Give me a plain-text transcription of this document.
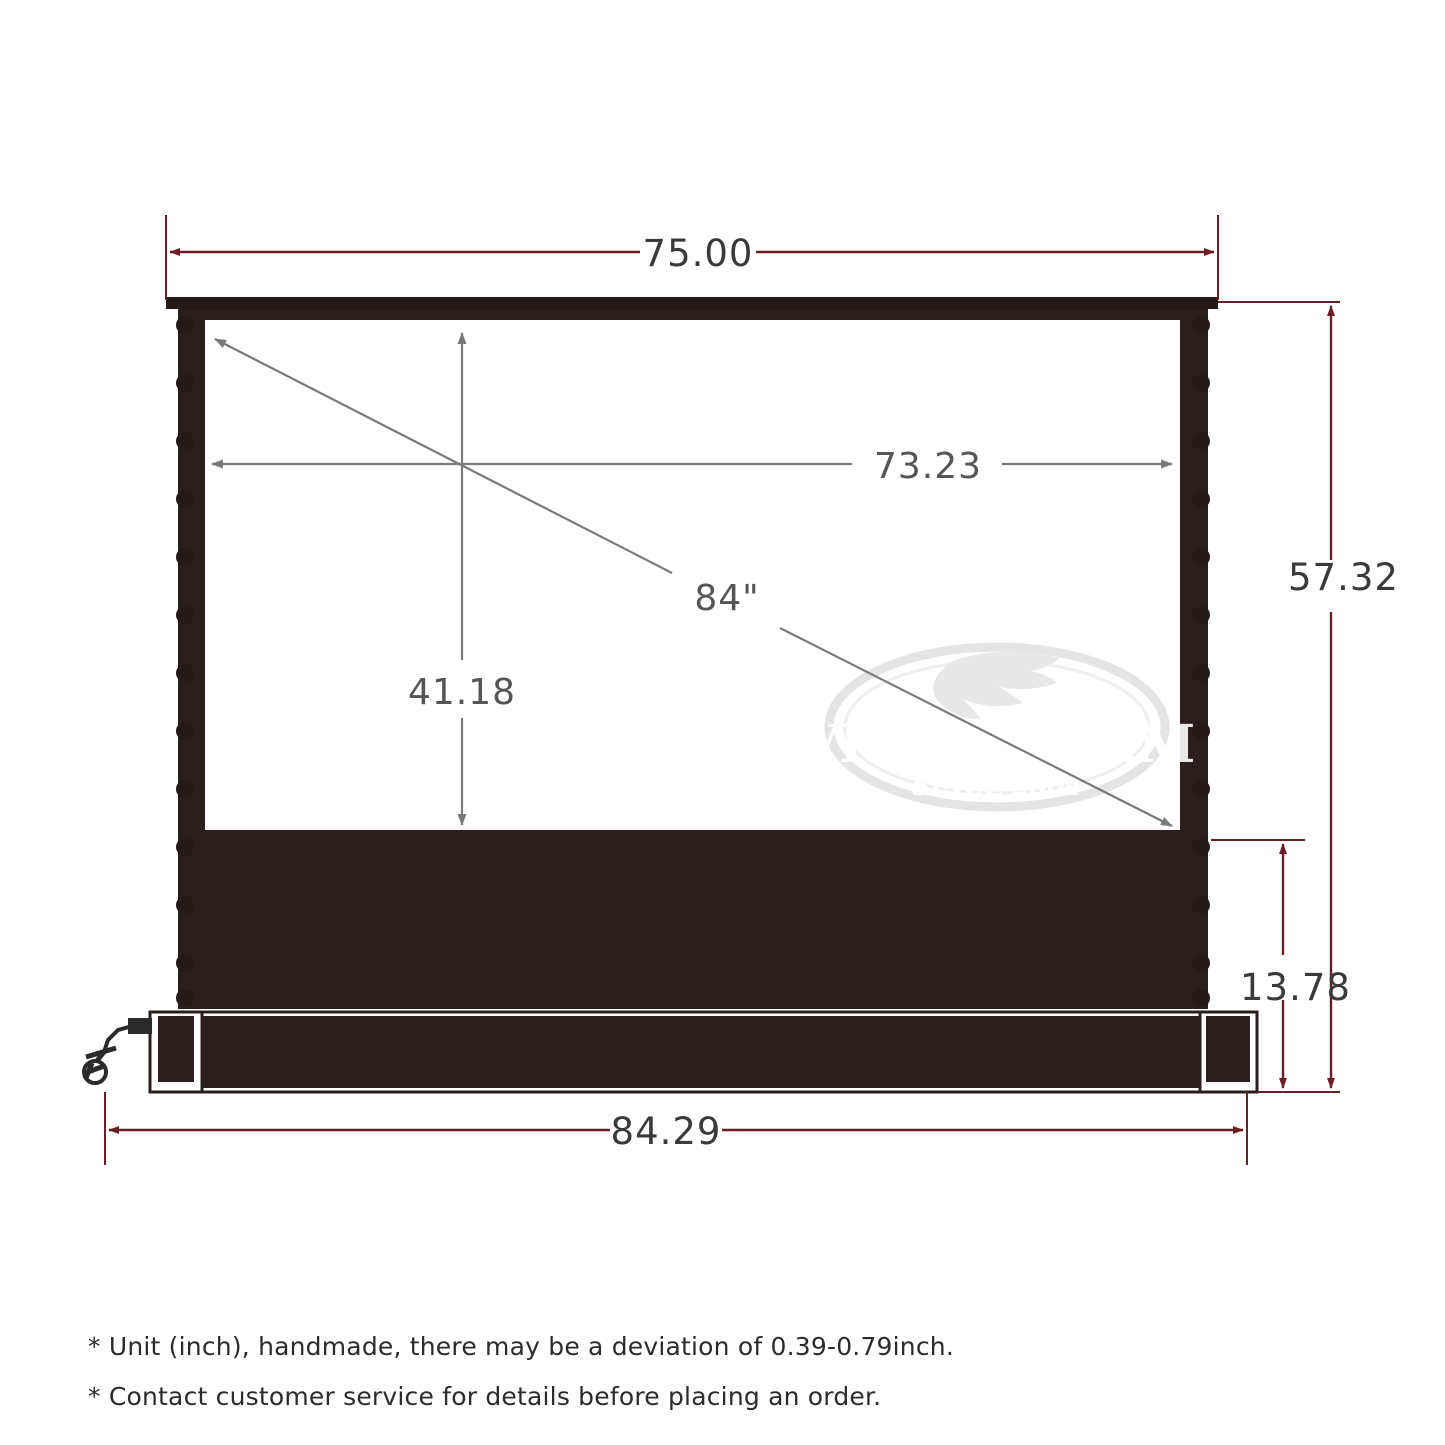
75.00
57.32
13.78
84.29
VIVIDSTORM
SINCE 2004
73.23
41.18
84"
* Unit (inch), handmade, there may be a deviation of 0.39-0.79inch.
* Contact customer service for details before placing an order.
